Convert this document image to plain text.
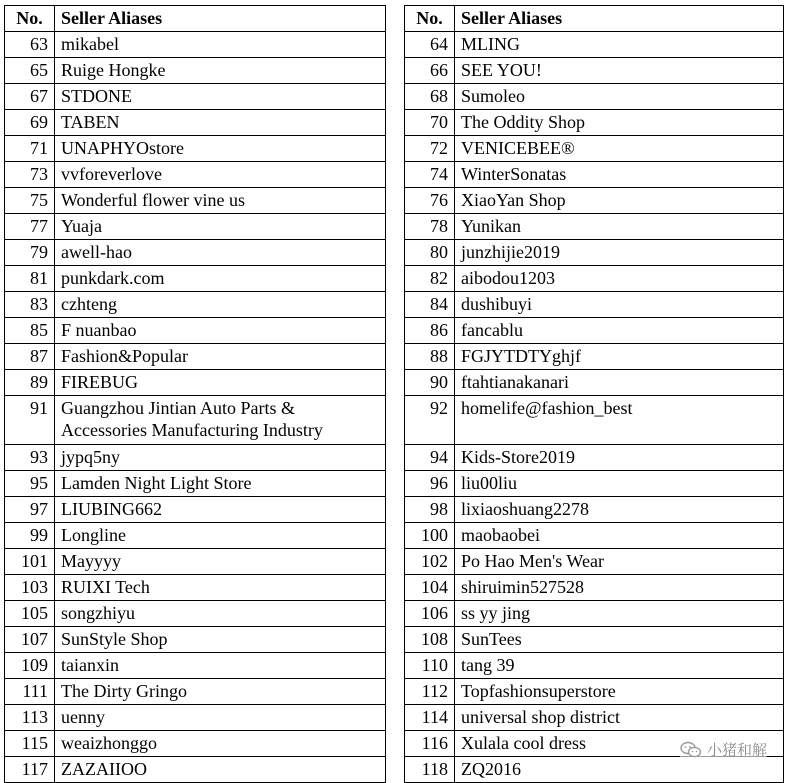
No.	Seller Aliases
63	mikabel
65	Ruige Hongke
67	STDONE
69	TABEN
71	UNAPHYOstore
73	vvforeverlove
75	Wonderful flower vine us
77	Yuaja
79	awell-hao
81	punkdark.com
83	czhteng
85	F nuanbao
87	Fashion&Popular
89	FIREBUG
91	Guangzhou Jintian Auto Parts & Accessories Manufacturing Industry
93	jypq5ny
95	Lamden Night Light Store
97	LIUBING662
99	Longline
101	Mayyyy
103	RUIXI Tech
105	songzhiyu
107	SunStyle Shop
109	taianxin
111	The Dirty Gringo
113	uenny
115	weaizhonggo
117	ZAZAIIOO
No.	Seller Aliases
64	MLING
66	SEE YOU!
68	Sumoleo
70	The Oddity Shop
72	VENICEBEE®
74	WinterSonatas
76	XiaoYan Shop
78	Yunikan
80	junzhijie2019
82	aibodou1203
84	dushibuyi
86	fancablu
88	FGJYTDTYghjf
90	ftahtianakanari
92	homelife@fashion_best
94	Kids-Store2019
96	liu00liu
98	lixiaoshuang2278
100	maobaobei
102	Po Hao Men's Wear
104	shiruimin527528
106	ss yy jing
108	SunTees
110	tang 39
112	Topfashionsuperstore
114	universal shop district
116	Xulala cool dress
118	ZQ2016
小猪和解
